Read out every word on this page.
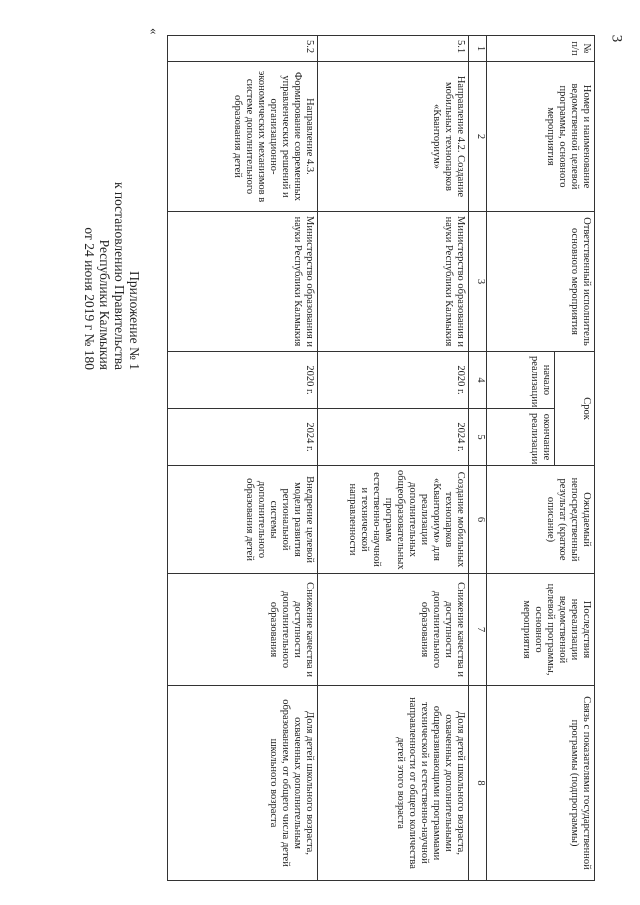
3
Приложение № 1
к постановлению Правительства
Республики Калмыкия
от 24 июня 2019 г № 180
«
№ п/п	Номер и наименование ведомственной целевой программы, основного мероприятия	Ответственный исполнитель основного мероприятия	Срок		Ожидаемый непосредственный результат (краткое описание)	Последствия нереализации ведомственной целевой программы, основного мероприятия	Связь с показателями государственной программы (подпрограммы)
			начало реализации	окончание реализации			
1	2	3	4	5	6	7	8
5.1	Направление 4.2. Создание мобильных технопарков «Кванториум»	Министерство образования и науки Республики Калмыкия	2020 г.	2024 г.	Создание мобильных технопарков «Кванториум» для реализации дополнительных общеобразовательных программ естественно-научной и технической направленности	Снижение качества и доступности дополнительного образования	Доля детей школьного возраста, охваченных дополнительными общеразвивающими программами технической и естественно-научной направленности от общего количества детей этого возраста
5.2	Направление 4.3. Формирование современных управленческих решений и организационно-экономических механизмов в системе дополнительного образования детей	Министерство образования и науки Республики Калмыкия	2020 г.	2024 г.	Внедрение целевой модели развития региональной системы дополнительного образования детей	Снижение качества и доступности дополнительного образования	Доля детей школьного возраста, охваченных дополнительным образованием, от общего числа детей школьного возраста
